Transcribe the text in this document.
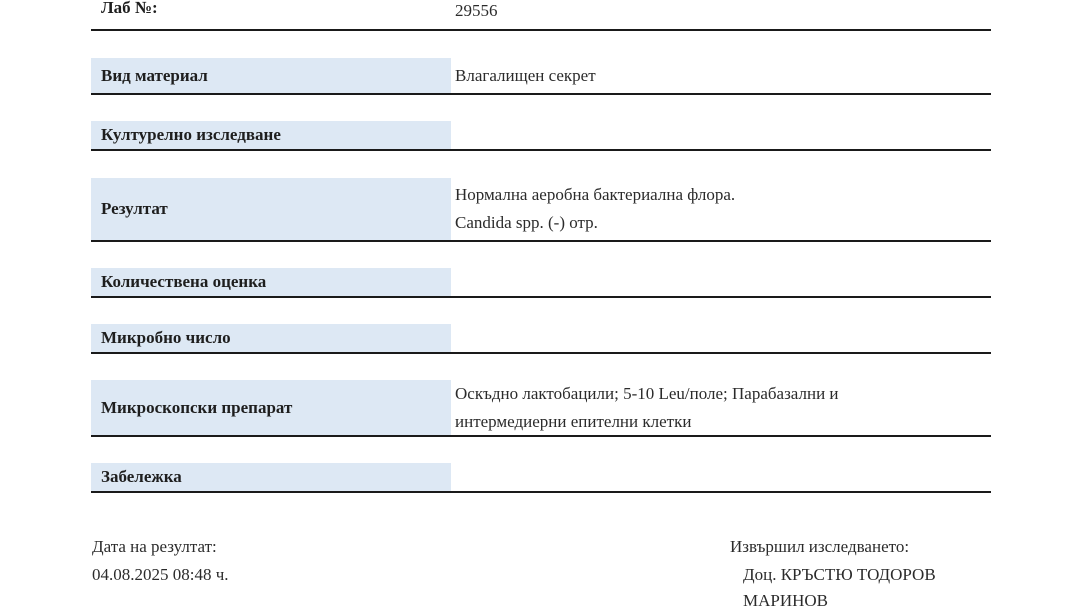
Лаб №:	29556
Вид материал	Влагалищен секрет
Културелно изследване
Резултат
Нормална аеробна бактериална флора.
Candida spp. (-) отр.
Количествена оценка
Микробно число
Микроскопски препарат
Оскъдно лактобацили; 5-10 Leu/поле; Парабазални и
интермедиерни епителни клетки
Забележка
Дата на резултат:
04.08.2025 08:48 ч.
Извършил изследването:
Доц. КРЪСТЮ ТОДОРОВ
МАРИНОВ
